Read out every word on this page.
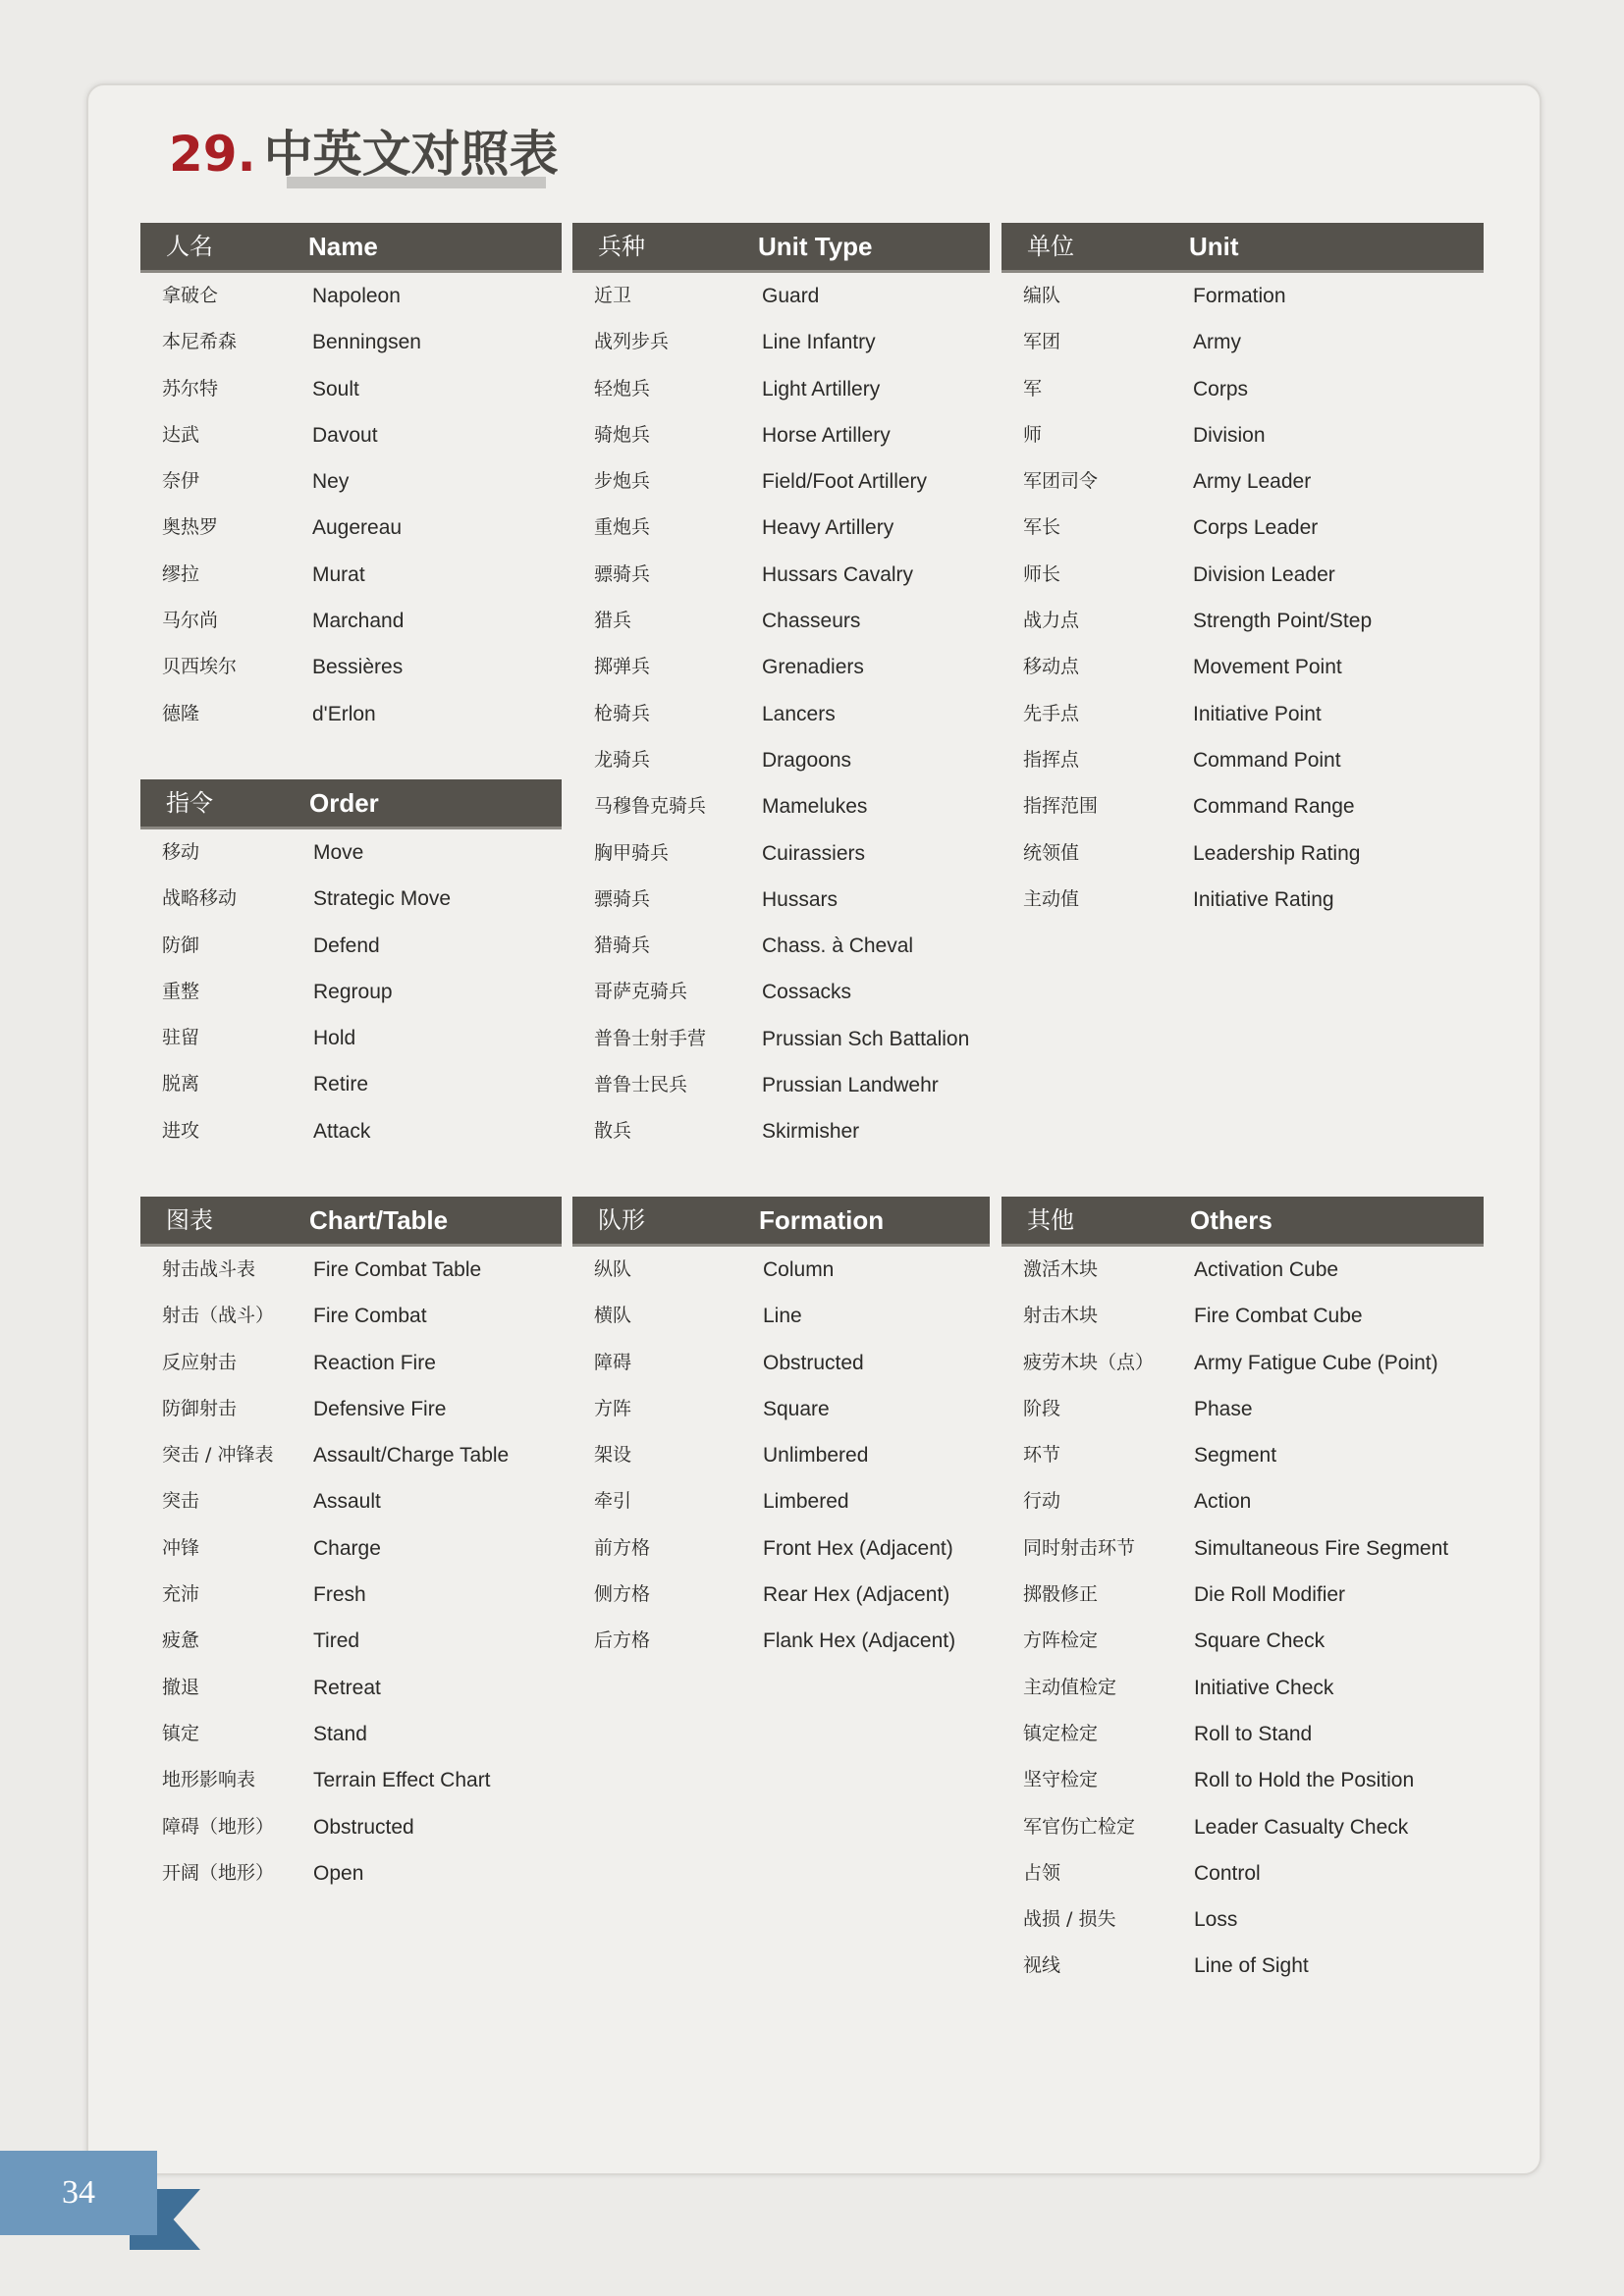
29. 中英文对照表
人名	Name
拿破仑	Napoleon
本尼希森	Benningsen
苏尔特	Soult
达武	Davout
奈伊	Ney
奥热罗	Augereau
缪拉	Murat
马尔尚	Marchand
贝西埃尔	Bessières
德隆	d'Erlon
指令	Order
移动	Move
战略移动	Strategic Move
防御	Defend
重整	Regroup
驻留	Hold
脱离	Retire
进攻	Attack
兵种	Unit Type
近卫	Guard
战列步兵	Line Infantry
轻炮兵	Light Artillery
骑炮兵	Horse Artillery
步炮兵	Field/Foot Artillery
重炮兵	Heavy Artillery
骠骑兵	Hussars Cavalry
猎兵	Chasseurs
掷弹兵	Grenadiers
枪骑兵	Lancers
龙骑兵	Dragoons
马穆鲁克骑兵	Mamelukes
胸甲骑兵	Cuirassiers
骠骑兵	Hussars
猎骑兵	Chass. à Cheval
哥萨克骑兵	Cossacks
普鲁士射手营	Prussian Sch Battalion
普鲁士民兵	Prussian Landwehr
散兵	Skirmisher
单位	Unit
编队	Formation
军团	Army
军	Corps
师	Division
军团司令	Army Leader
军长	Corps Leader
师长	Division Leader
战力点	Strength Point/Step
移动点	Movement Point
先手点	Initiative Point
指挥点	Command Point
指挥范围	Command Range
统领值	Leadership Rating
主动值	Initiative Rating
图表	Chart/Table
射击战斗表	Fire Combat Table
射击（战斗） Fire Combat
反应射击	Reaction Fire
防御射击	Defensive Fire
突击 / 冲锋表 Assault/Charge Table
突击	Assault
冲锋	Charge
充沛	Fresh
疲惫	Tired
撤退	Retreat
镇定	Stand
地形影响表	Terrain Effect Chart
障碍（地形） Obstructed
开阔（地形） Open
队形	Formation
纵队	Column
横队	Line
障碍	Obstructed
方阵	Square
架设	Unlimbered
牵引	Limbered
前方格	Front Hex (Adjacent)
侧方格	Rear Hex (Adjacent)
后方格	Flank Hex (Adjacent)
其他	Others
激活木块	Activation Cube
射击木块	Fire Combat Cube
疲劳木块（点） Army Fatigue Cube (Point)
阶段	Phase
环节	Segment
行动	Action
同时射击环节	Simultaneous Fire Segment
掷骰修正	Die Roll Modifier
方阵检定	Square Check
主动值检定	Initiative Check
镇定检定	Roll to Stand
坚守检定	Roll to Hold the Position
军官伤亡检定	Leader Casualty Check
占领	Control
战损 / 损失	Loss
视线	Line of Sight
34
